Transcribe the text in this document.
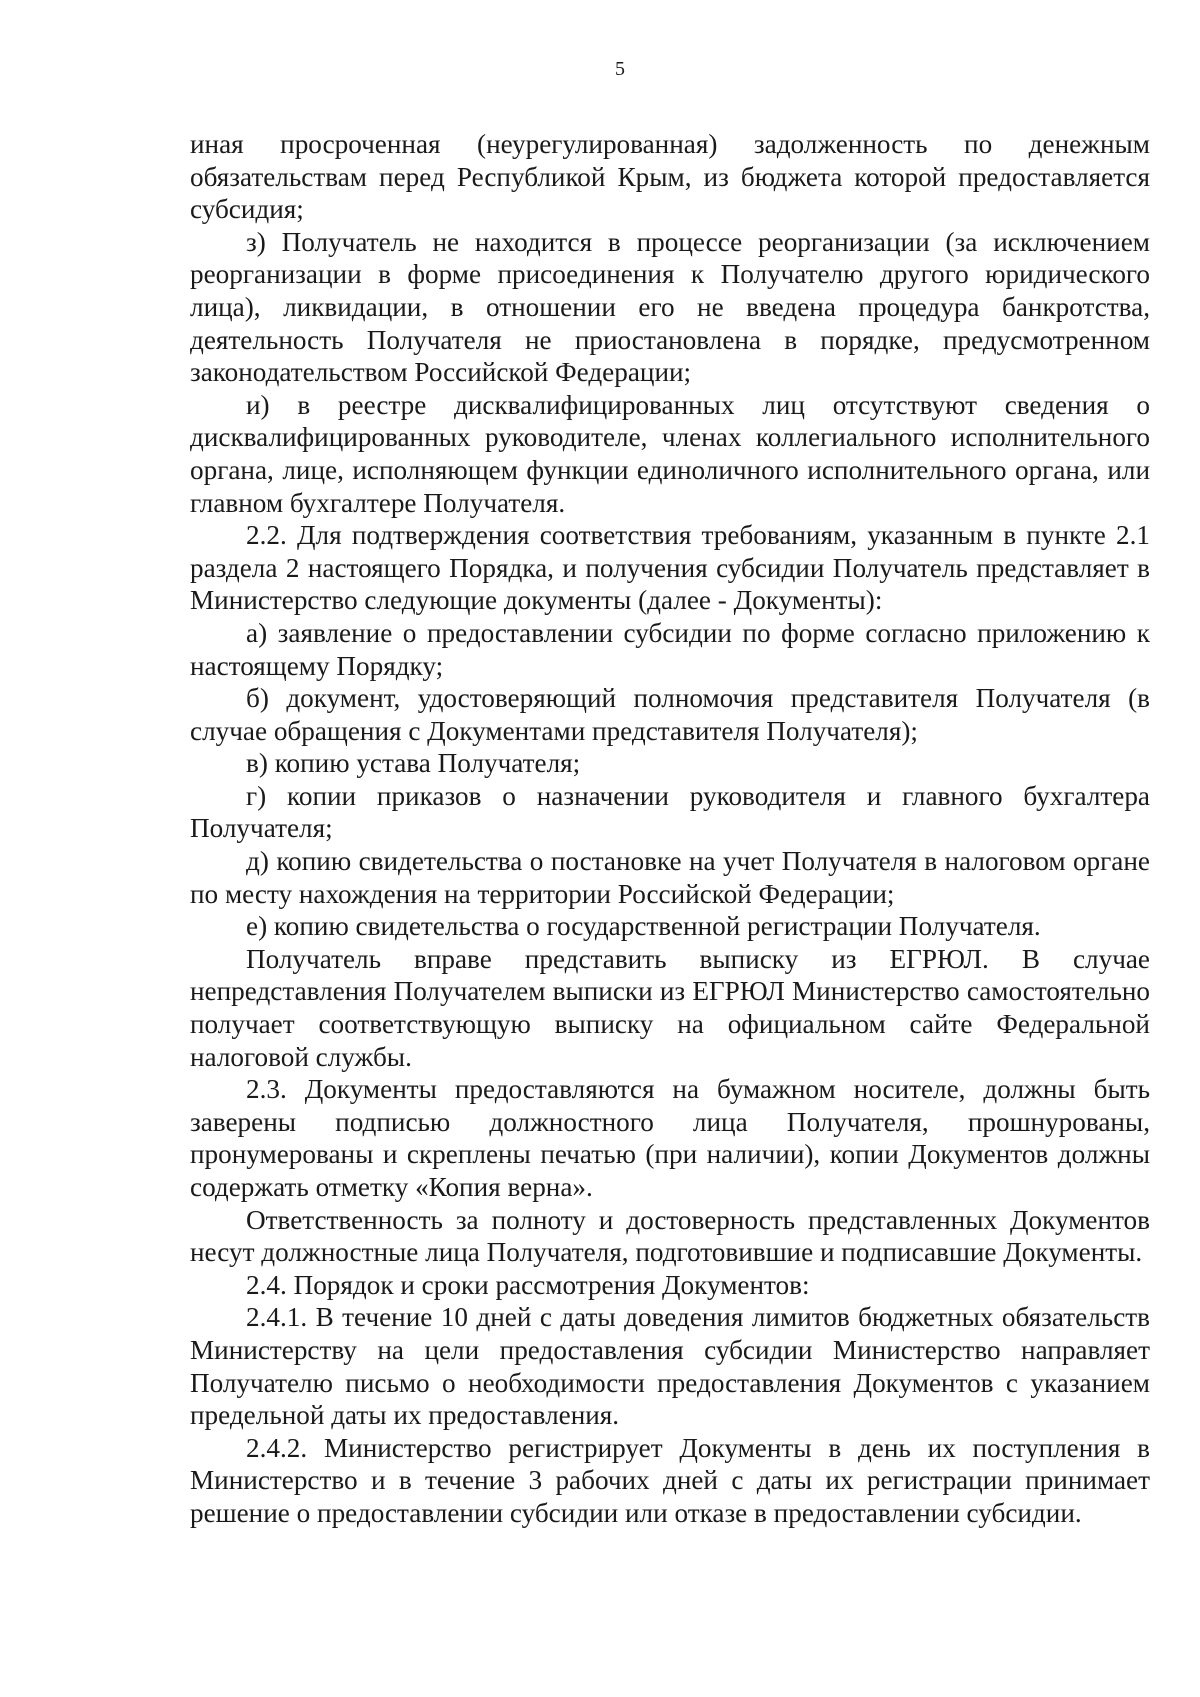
5

иная просроченная (неурегулированная) задолженность по денежным обязательствам перед Республикой Крым, из бюджета которой предоставляется субсидия;

з) Получатель не находится в процессе реорганизации (за исключением реорганизации в форме присоединения к Получателю другого юридического лица), ликвидации, в отношении его не введена процедура банкротства, деятельность Получателя не приостановлена в порядке, предусмотренном законодательством Российской Федерации;

и) в реестре дисквалифицированных лиц отсутствуют сведения о дисквалифицированных руководителе, членах коллегиального исполнительного органа, лице, исполняющем функции единоличного исполнительного органа, или главном бухгалтере Получателя.

2.2. Для подтверждения соответствия требованиям, указанным в пункте 2.1 раздела 2 настоящего Порядка, и получения субсидии Получатель представляет в Министерство следующие документы (далее - Документы):

а) заявление о предоставлении субсидии по форме согласно приложению к настоящему Порядку;

б) документ, удостоверяющий полномочия представителя Получателя (в случае обращения с Документами представителя Получателя);

в) копию устава Получателя;

г) копии приказов о назначении руководителя и главного бухгалтера Получателя;

д) копию свидетельства о постановке на учет Получателя в налоговом органе по месту нахождения на территории Российской Федерации;

е) копию свидетельства о государственной регистрации Получателя.

Получатель вправе представить выписку из ЕГРЮЛ. В случае непредставления Получателем выписки из ЕГРЮЛ Министерство самостоятельно получает соответствующую выписку на официальном сайте Федеральной налоговой службы.

2.3. Документы предоставляются на бумажном носителе, должны быть заверены подписью должностного лица Получателя, прошнурованы, пронумерованы и скреплены печатью (при наличии), копии Документов должны содержать отметку «Копия верна».

Ответственность за полноту и достоверность представленных Документов несут должностные лица Получателя, подготовившие и подписавшие Документы.

2.4. Порядок и сроки рассмотрения Документов:

2.4.1. В течение 10 дней с даты доведения лимитов бюджетных обязательств Министерству на цели предоставления субсидии Министерство направляет Получателю письмо о необходимости предоставления Документов с указанием предельной даты их предоставления.

2.4.2. Министерство регистрирует Документы в день их поступления в Министерство и в течение 3 рабочих дней с даты их регистрации принимает решение о предоставлении субсидии или отказе в предоставлении субсидии.
